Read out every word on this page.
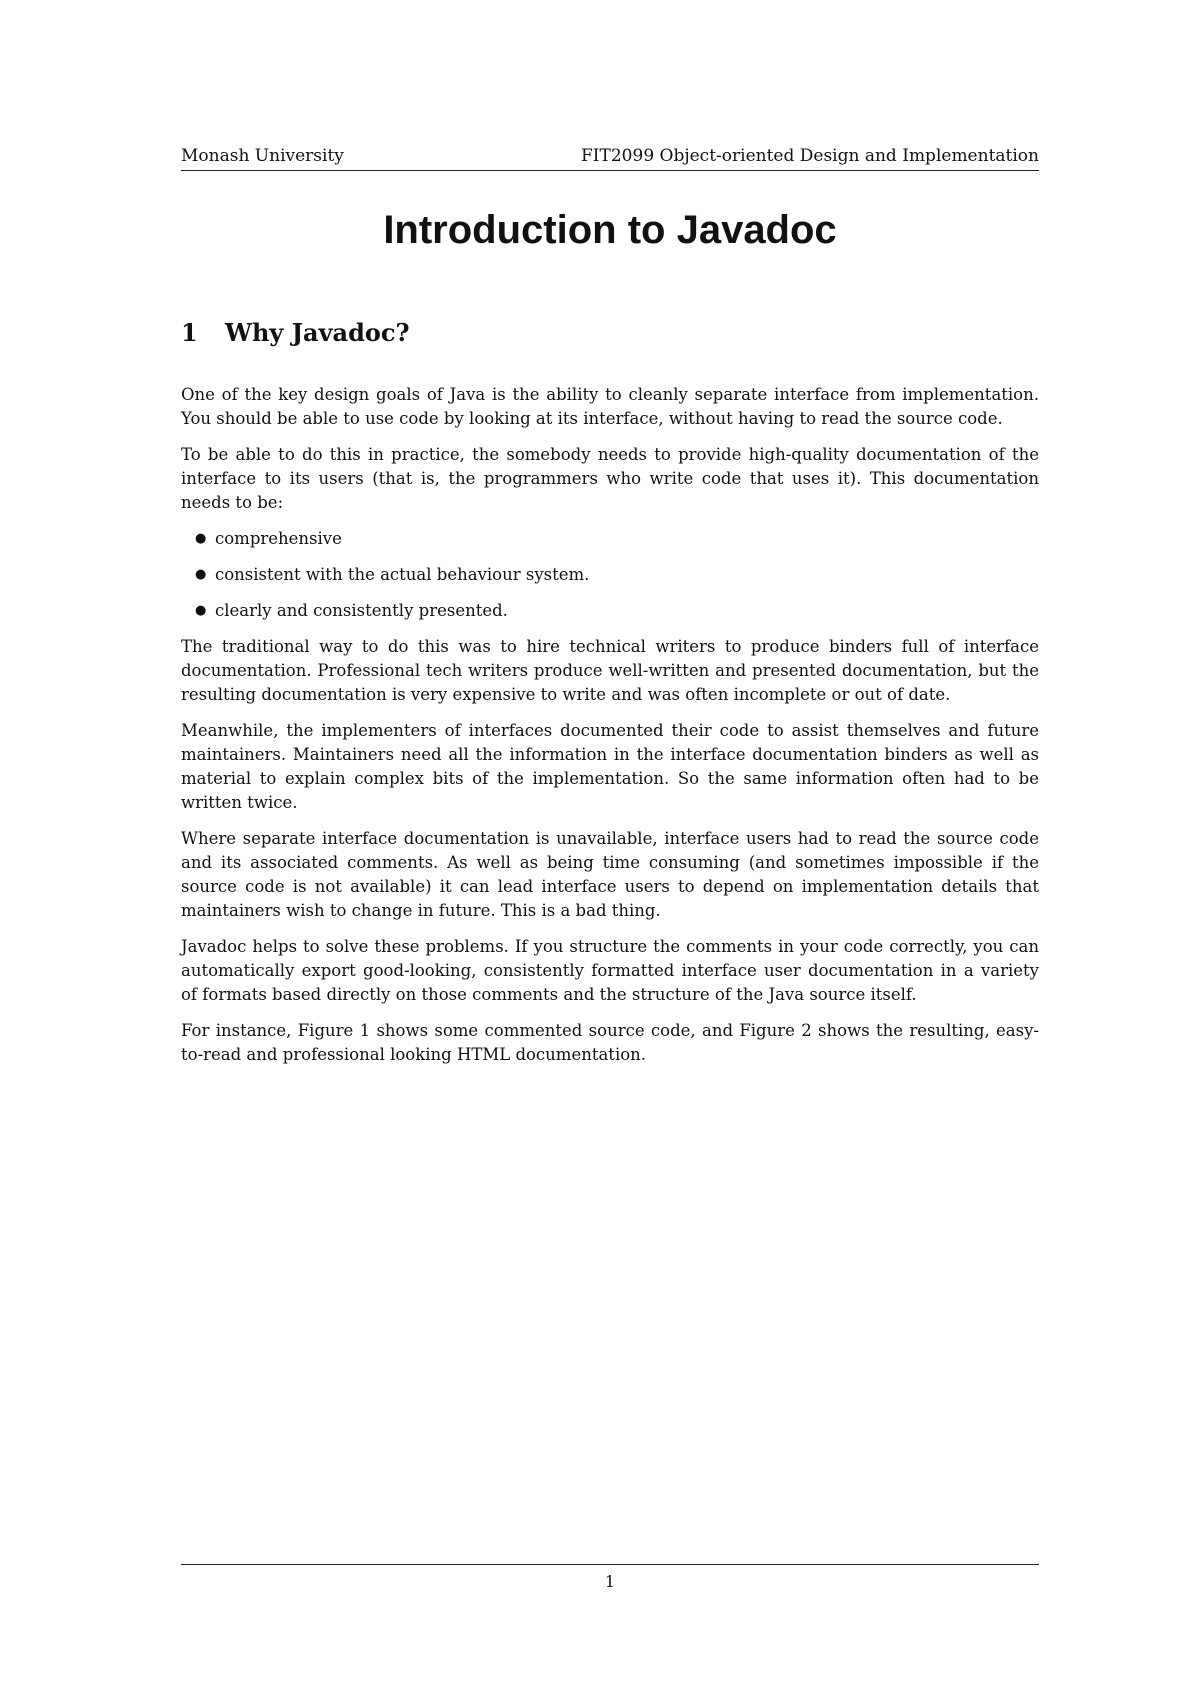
Monash University	FIT2099 Object-oriented Design and Implementation
Introduction to Javadoc
1 Why Javadoc?

One of the key design goals of Java is the ability to cleanly separate interface from implementation. You should be able to use code by looking at its interface, without having to read the source code.

To be able to do this in practice, the somebody needs to provide high-quality documentation of the interface to its users (that is, the programmers who write code that uses it). This documentation needs to be:

● comprehensive
● consistent with the actual behaviour system.
● clearly and consistently presented.

The traditional way to do this was to hire technical writers to produce binders full of interface documentation. Professional tech writers produce well-written and presented documentation, but the resulting documentation is very expensive to write and was often incomplete or out of date.

Meanwhile, the implementers of interfaces documented their code to assist themselves and future maintainers. Maintainers need all the information in the interface documentation binders as well as material to explain complex bits of the implementation. So the same information often had to be written twice.

Where separate interface documentation is unavailable, interface users had to read the source code and its associated comments. As well as being time consuming (and sometimes impossible if the source code is not available) it can lead interface users to depend on implementation details that maintainers wish to change in future. This is a bad thing.

Javadoc helps to solve these problems. If you structure the comments in your code correctly, you can automatically export good-looking, consistently formatted interface user documentation in a variety of formats based directly on those comments and the structure of the Java source itself.

For instance, Figure 1 shows some commented source code, and Figure 2 shows the resulting, easy-to-read and professional looking HTML documentation.

1
